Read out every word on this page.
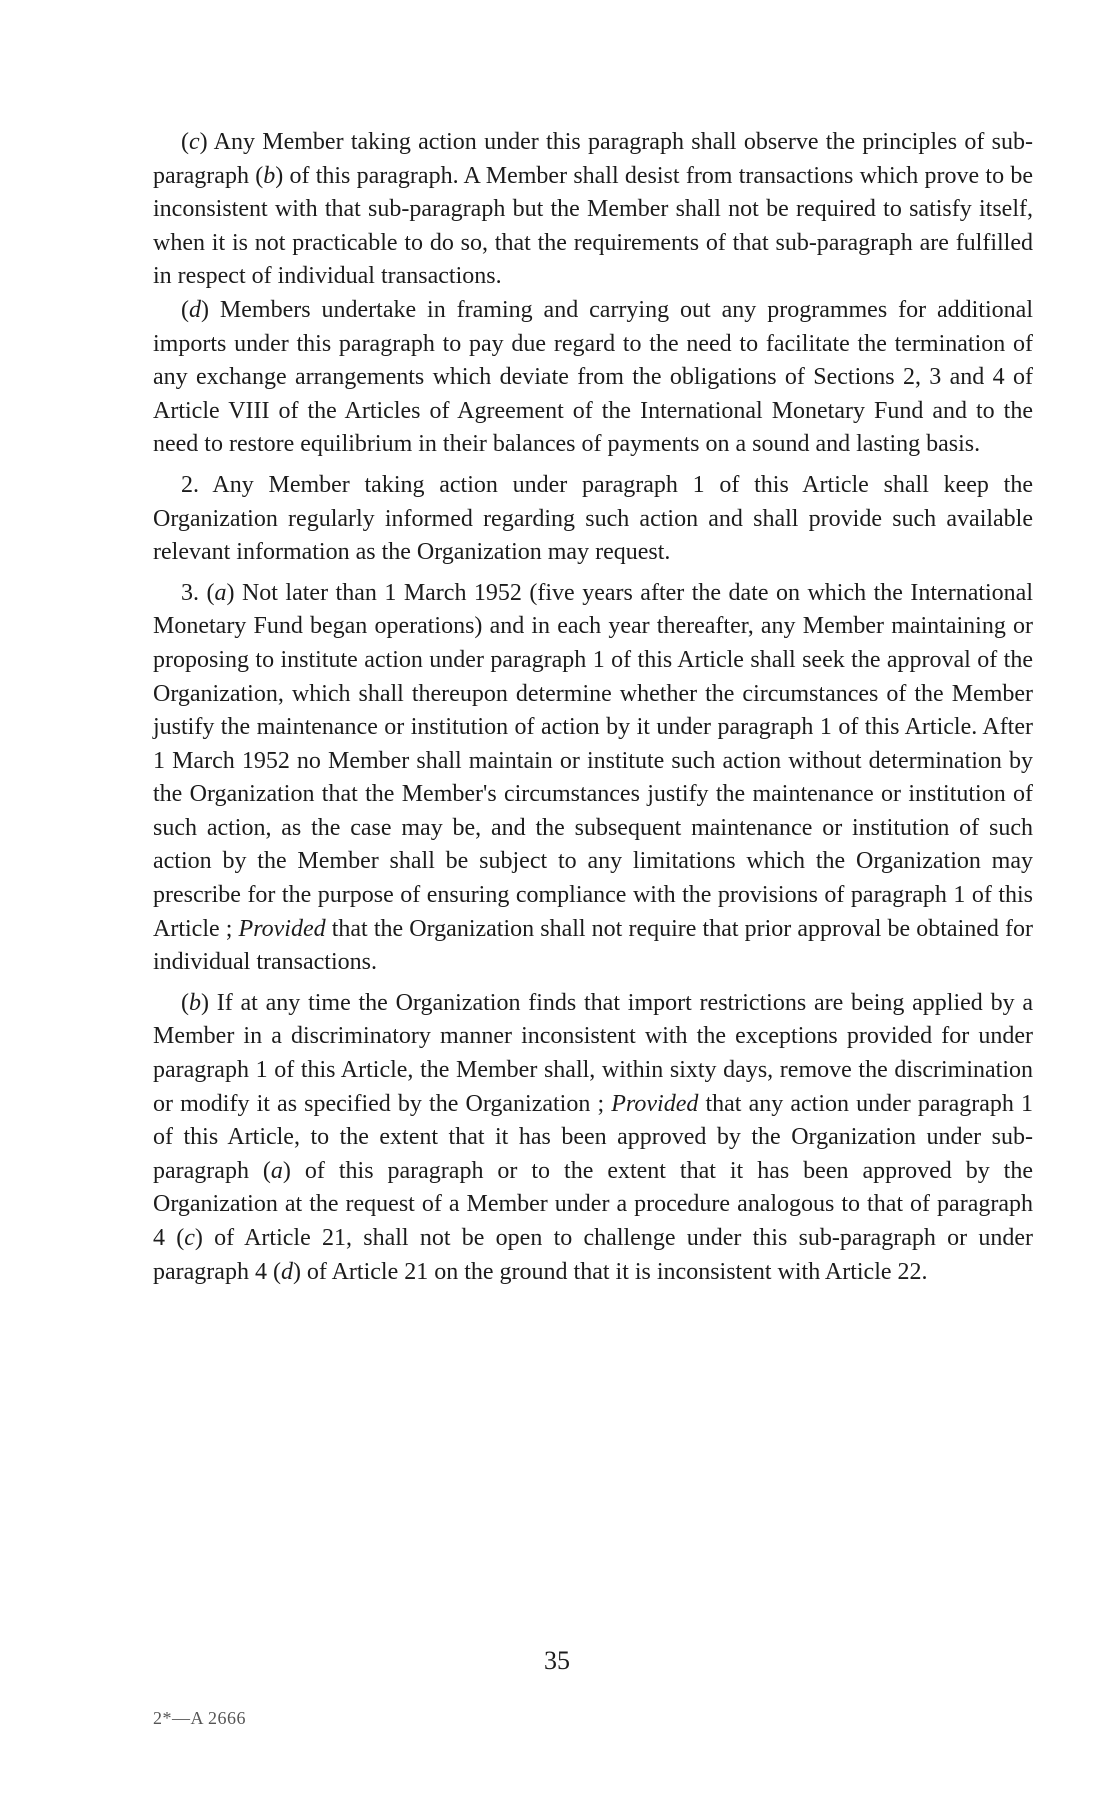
(c) Any Member taking action under this paragraph shall observe the principles of sub-paragraph (b) of this paragraph. A Member shall desist from transactions which prove to be inconsistent with that sub-paragraph but the Member shall not be required to satisfy itself, when it is not practicable to do so, that the requirements of that sub-paragraph are fulfilled in respect of individual transactions.

(d) Members undertake in framing and carrying out any programmes for additional imports under this paragraph to pay due regard to the need to facilitate the termination of any exchange arrangements which deviate from the obligations of Sections 2, 3 and 4 of Article VIII of the Articles of Agreement of the International Monetary Fund and to the need to restore equilibrium in their balances of payments on a sound and lasting basis.

2. Any Member taking action under paragraph 1 of this Article shall keep the Organization regularly informed regarding such action and shall provide such available relevant information as the Organization may request.

3. (a) Not later than 1 March 1952 (five years after the date on which the International Monetary Fund began operations) and in each year thereafter, any Member maintaining or proposing to institute action under paragraph 1 of this Article shall seek the approval of the Organization, which shall thereupon determine whether the circumstances of the Member justify the maintenance or institution of action by it under paragraph 1 of this Article. After 1 March 1952 no Member shall maintain or institute such action without determination by the Organization that the Member's circumstances justify the maintenance or institution of such action, as the case may be, and the subsequent maintenance or institution of such action by the Member shall be subject to any limitations which the Organization may prescribe for the purpose of ensuring compliance with the provisions of paragraph 1 of this Article ; Provided that the Organization shall not require that prior approval be obtained for individual transactions.

(b) If at any time the Organization finds that import restrictions are being applied by a Member in a discriminatory manner inconsistent with the exceptions provided for under paragraph 1 of this Article, the Member shall, within sixty days, remove the discrimination or modify it as specified by the Organization ; Provided that any action under paragraph 1 of this Article, to the extent that it has been approved by the Organization under sub-paragraph (a) of this paragraph or to the extent that it has been approved by the Organization at the request of a Member under a procedure analogous to that of paragraph 4 (c) of Article 21, shall not be open to challenge under this sub-paragraph or under paragraph 4 (d) of Article 21 on the ground that it is inconsistent with Article 22.

35
2*—A 2666
